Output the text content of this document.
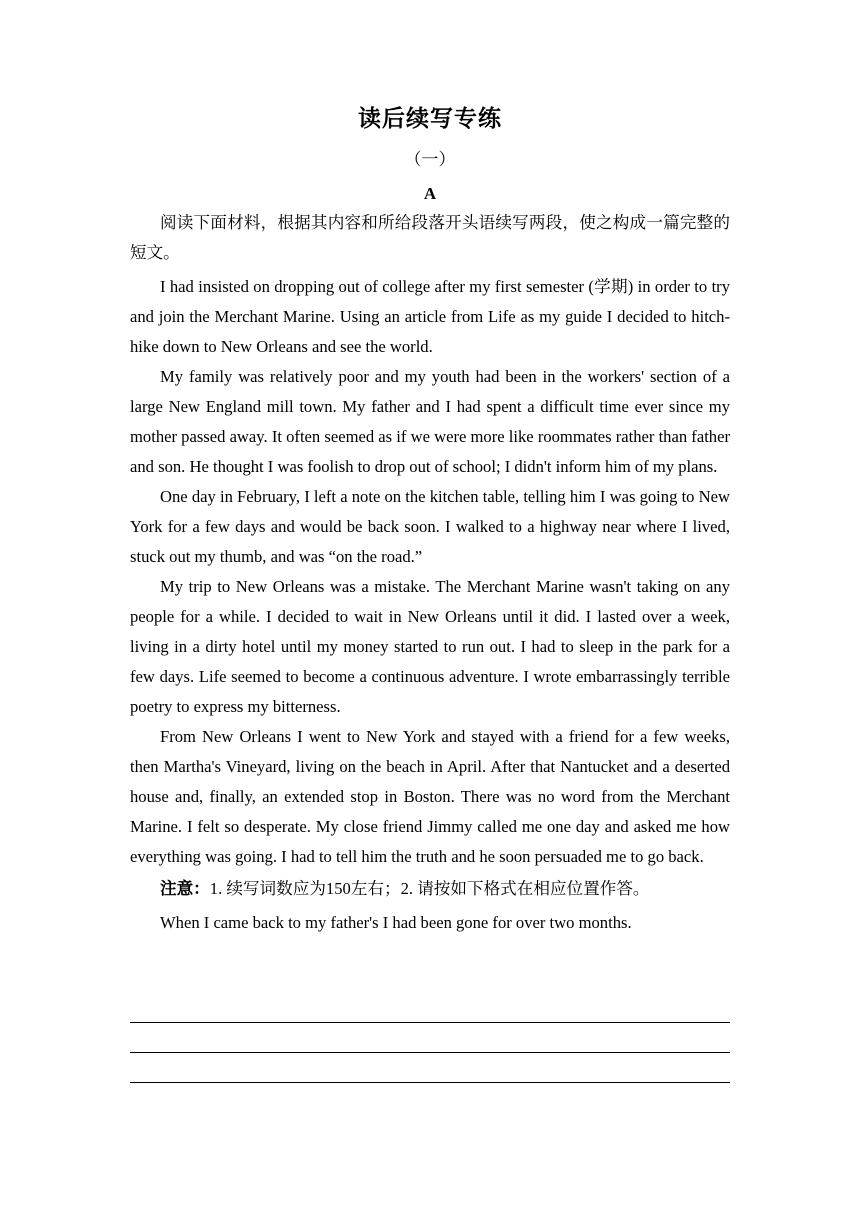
读后续写专练
（一）
A

阅读下面材料，根据其内容和所给段落开头语续写两段，使之构成一篇完整的短文。

I had insisted on dropping out of college after my first semester (学期) in order to try and join the Merchant Marine. Using an article from Life as my guide I decided to hitch-hike down to New Orleans and see the world.

My family was relatively poor and my youth had been in the workers' section of a large New England mill town. My father and I had spent a difficult time ever since my mother passed away. It often seemed as if we were more like roommates rather than father and son. He thought I was foolish to drop out of school; I didn't inform him of my plans.

One day in February, I left a note on the kitchen table, telling him I was going to New York for a few days and would be back soon. I walked to a highway near where I lived, stuck out my thumb, and was “on the road.”

My trip to New Orleans was a mistake. The Merchant Marine wasn't taking on any people for a while. I decided to wait in New Orleans until it did. I lasted over a week, living in a dirty hotel until my money started to run out. I had to sleep in the park for a few days. Life seemed to become a continuous adventure. I wrote embarrassingly terrible poetry to express my bitterness.

From New Orleans I went to New York and stayed with a friend for a few weeks, then Martha's Vineyard, living on the beach in April. After that Nantucket and a deserted house and, finally, an extended stop in Boston. There was no word from the Merchant Marine. I felt so desperate. My close friend Jimmy called me one day and asked me how everything was going. I had to tell him the truth and he soon persuaded me to go back.

注意：1. 续写词数应为150左右；2. 请按如下格式在相应位置作答。

When I came back to my father's I had been gone for over two months.
